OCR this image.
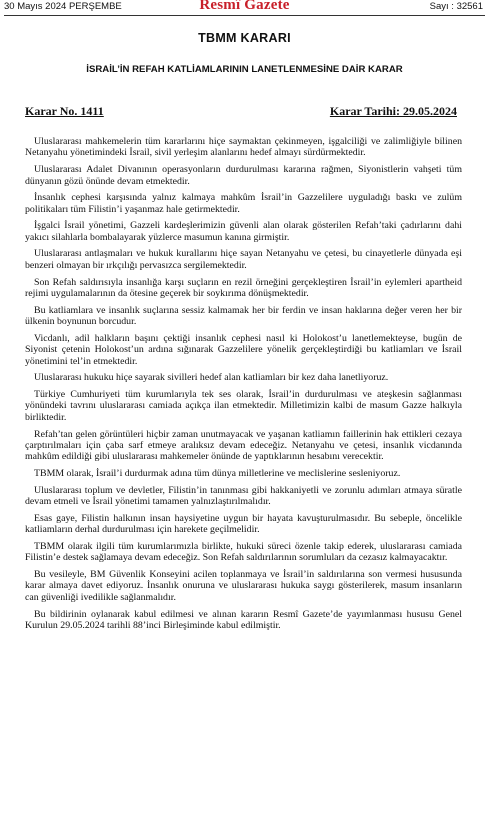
30 Mayıs 2024 PERŞEMBE	Resmî Gazete	Sayı : 32561
TBMM KARARI
İSRAİL’İN REFAH KATLİAMLARININ LANETLENMESİNE DAİR KARAR
Karar No. 1411	Karar Tarihi: 29.05.2024

Uluslararası mahkemelerin tüm kararlarını hiçe saymaktan çekinmeyen, işgalciliği ve zalimliğiyle bilinen Netanyahu yönetimindeki İsrail, sivil yerleşim alanlarını hedef almayı sürdürmektedir.

Uluslararası Adalet Divanının operasyonların durdurulması kararına rağmen, Siyonistlerin vahşeti tüm dünyanın gözü önünde devam etmektedir.

İnsanlık cephesi karşısında yalnız kalmaya mahkûm İsrail’in Gazzelilere uyguladığı baskı ve zulüm politikaları tüm Filistin’i yaşanmaz hale getirmektedir.

İşgalci İsrail yönetimi, Gazzeli kardeşlerimizin güvenli alan olarak gösterilen Refah’taki çadırlarını dahi yakıcı silahlarla bombalayarak yüzlerce masumun kanına girmiştir.

Uluslararası antlaşmaları ve hukuk kurallarını hiçe sayan Netanyahu ve çetesi, bu cinayetlerle dünyada eşi benzeri olmayan bir ırkçılığı pervasızca sergilemektedir.

Son Refah saldırısıyla insanlığa karşı suçların en rezil örneğini gerçekleştiren İsrail’in eylemleri apartheid rejimi uygulamalarının da ötesine geçerek bir soykırıma dönüşmektedir.

Bu katliamlara ve insanlık suçlarına sessiz kalmamak her bir ferdin ve insan haklarına değer veren her bir ülkenin boynunun borcudur.

Vicdanlı, adil halkların başını çektiği insanlık cephesi nasıl ki Holokost’u lanetlemekteyse, bugün de Siyonist çetenin Holokost’un ardına sığınarak Gazzelilere yönelik gerçekleştirdiği bu katliamları ve İsrail yönetimini tel’in etmektedir.

Uluslararası hukuku hiçe sayarak sivilleri hedef alan katliamları bir kez daha lanetliyoruz.

Türkiye Cumhuriyeti tüm kurumlarıyla tek ses olarak, İsrail’in durdurulması ve ateşkesin sağlanması yönündeki tavrını uluslararası camiada açıkça ilan etmektedir. Milletimizin kalbi de masum Gazze halkıyla birliktedir.

Refah’tan gelen görüntüleri hiçbir zaman unutmayacak ve yaşanan katliamın faillerinin hak ettikleri cezaya çarptırılmaları için çaba sarf etmeye aralıksız devam edeceğiz. Netanyahu ve çetesi, insanlık vicdanında mahkûm edildiği gibi uluslararası mahkemeler önünde de yaptıklarının hesabını verecektir.

TBMM olarak, İsrail’i durdurmak adına tüm dünya milletlerine ve meclislerine sesleniyoruz.

Uluslararası toplum ve devletler, Filistin’in tanınması gibi hakkaniyetli ve zorunlu adımları atmaya süratle devam etmeli ve İsrail yönetimi tamamen yalnızlaştırılmalıdır.

Esas gaye, Filistin halkının insan haysiyetine uygun bir hayata kavuşturulmasıdır. Bu sebeple, öncelikle katliamların derhal durdurulması için harekete geçilmelidir.

TBMM olarak ilgili tüm kurumlarımızla birlikte, hukuki süreci özenle takip ederek, uluslararası camiada Filistin’e destek sağlamaya devam edeceğiz. Son Refah saldırılarının sorumluları da cezasız kalmayacaktır.

Bu vesileyle, BM Güvenlik Konseyini acilen toplanmaya ve İsrail’in saldırılarına son vermesi hususunda karar almaya davet ediyoruz. İnsanlık onuruna ve uluslararası hukuka saygı gösterilerek, masum insanların can güvenliği ivedilikle sağlanmalıdır.

Bu bildirinin oylanarak kabul edilmesi ve alınan kararın Resmî Gazete’de yayımlanması hususu Genel Kurulun 29.05.2024 tarihli 88’inci Birleşiminde kabul edilmiştir.
